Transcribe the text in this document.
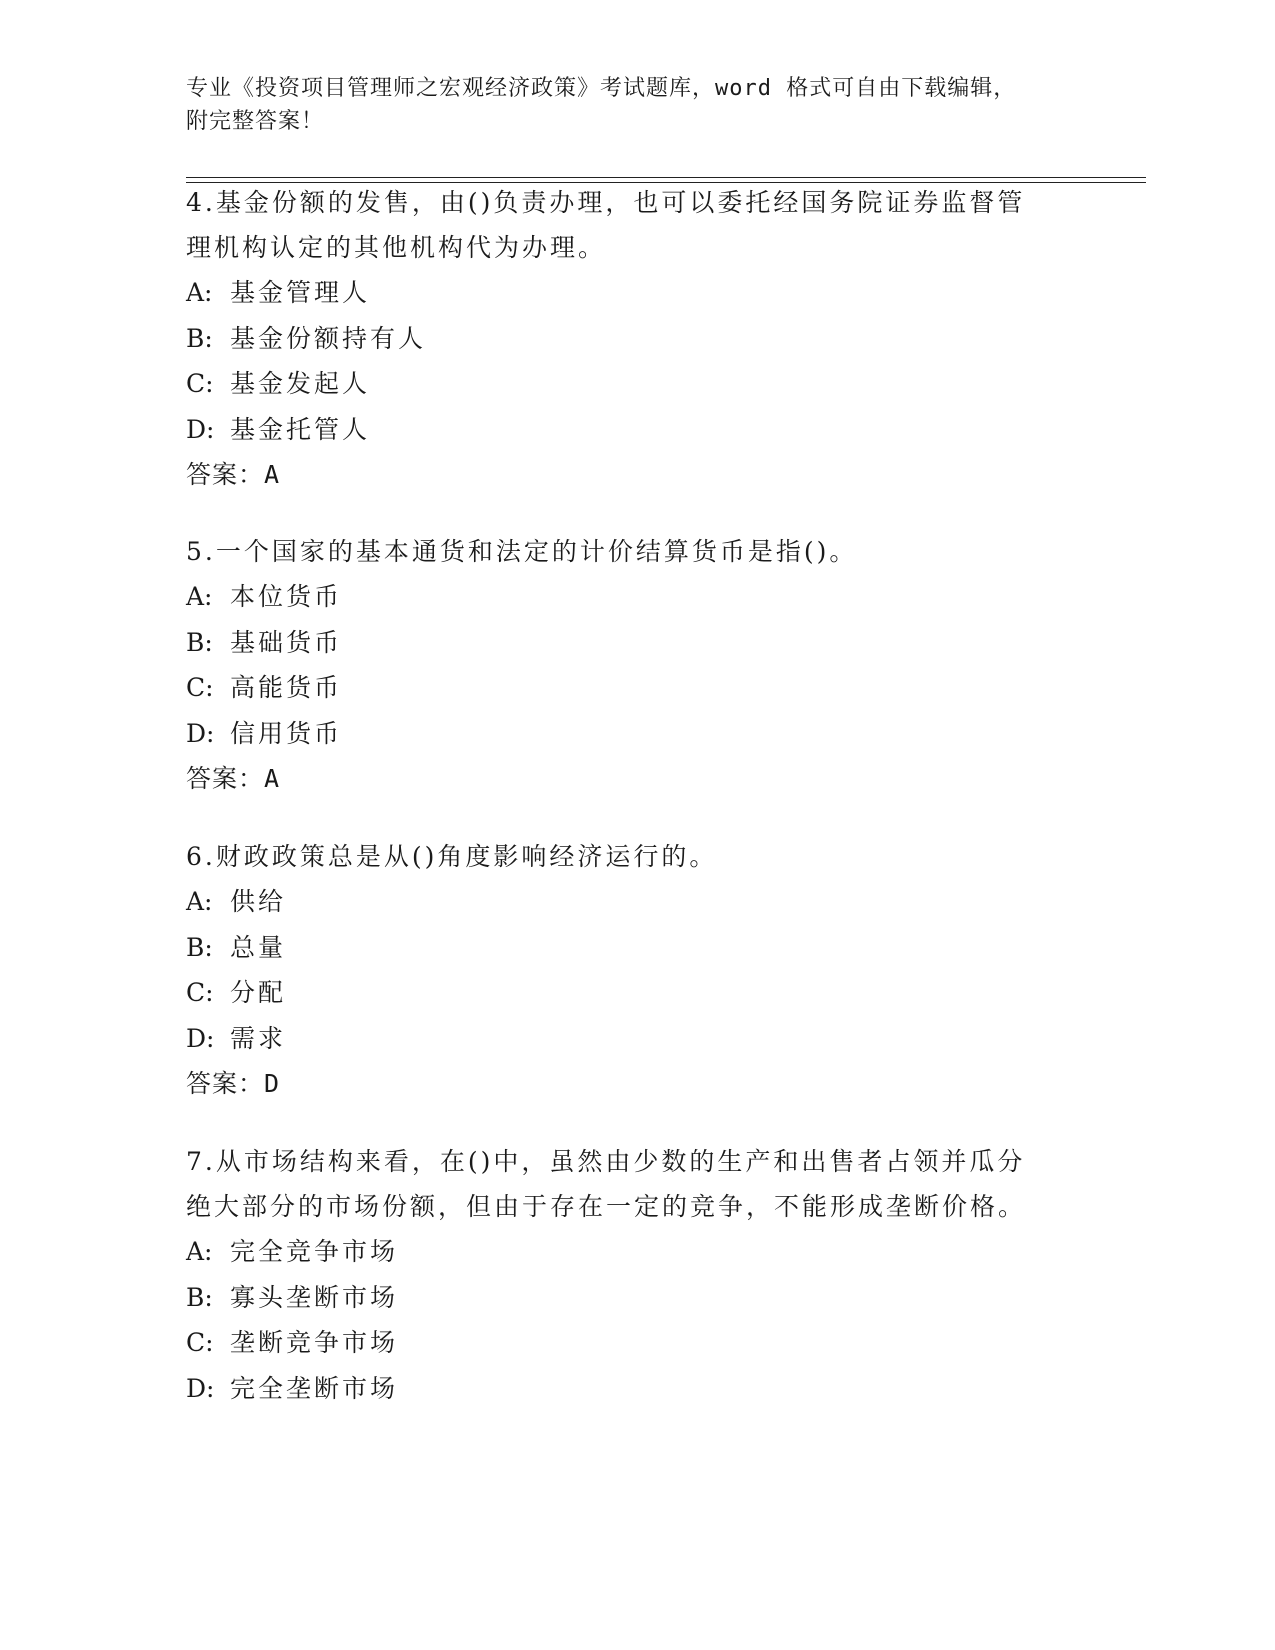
专业《投资项目管理师之宏观经济政策》考试题库，word 格式可自由下载编辑，
附完整答案！
4.基金份额的发售，由()负责办理，也可以委托经国务院证券监督管
理机构认定的其他机构代为办理。
A: 基金管理人
B: 基金份额持有人
C: 基金发起人
D: 基金托管人
答案：A
5.一个国家的基本通货和法定的计价结算货币是指()。
A: 本位货币
B: 基础货币
C: 高能货币
D: 信用货币
答案：A
6.财政政策总是从()角度影响经济运行的。
A: 供给
B: 总量
C: 分配
D: 需求
答案：D
7.从市场结构来看，在()中，虽然由少数的生产和出售者占领并瓜分
绝大部分的市场份额，但由于存在一定的竞争，不能形成垄断价格。
A: 完全竞争市场
B: 寡头垄断市场
C: 垄断竞争市场
D: 完全垄断市场
